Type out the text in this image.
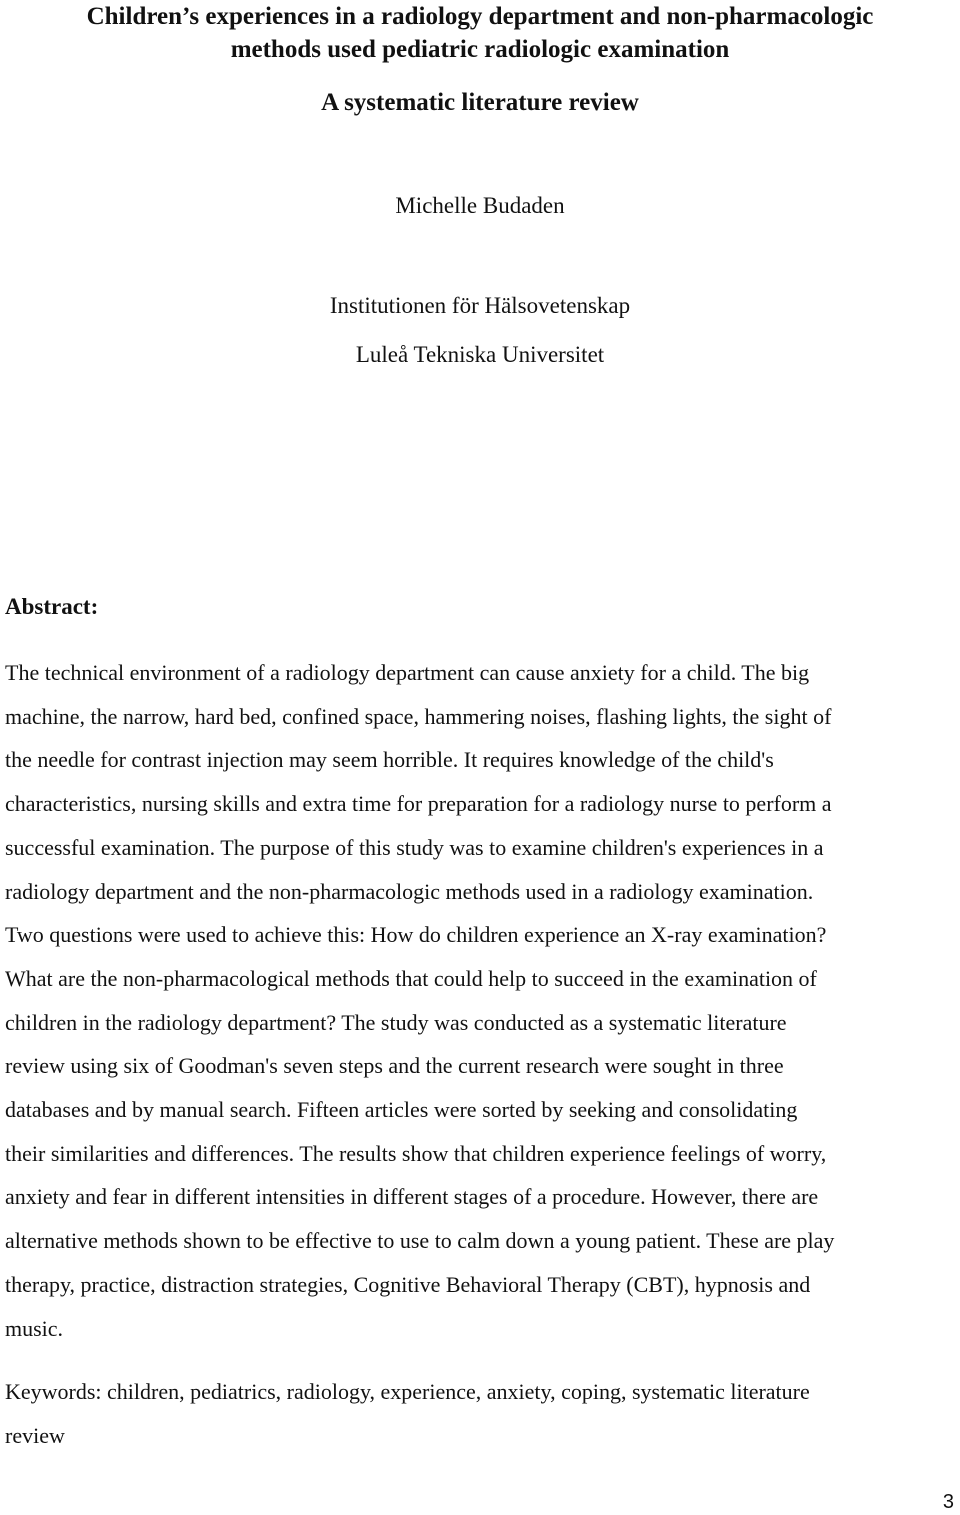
Children’s experiences in a radiology department and non-pharmacologic
methods used pediatric radiologic examination
A systematic literature review
Michelle Budaden
Institutionen för Hälsovetenskap
Luleå Tekniska Universitet
Abstract:

The technical environment of a radiology department can cause anxiety for a child. The big
machine, the narrow, hard bed, confined space, hammering noises, flashing lights, the sight of
the needle for contrast injection may seem horrible. It requires knowledge of the child's
characteristics, nursing skills and extra time for preparation for a radiology nurse to perform a
successful examination. The purpose of this study was to examine children's experiences in a
radiology department and the non-pharmacologic methods used in a radiology examination.
Two questions were used to achieve this: How do children experience an X-ray examination?
What are the non-pharmacological methods that could help to succeed in the examination of
children in the radiology department? The study was conducted as a systematic literature
review using six of Goodman's seven steps and the current research were sought in three
databases and by manual search. Fifteen articles were sorted by seeking and consolidating
their similarities and differences. The results show that children experience feelings of worry,
anxiety and fear in different intensities in different stages of a procedure. However, there are
alternative methods shown to be effective to use to calm down a young patient. These are play
therapy, practice, distraction strategies, Cognitive Behavioral Therapy (CBT), hypnosis and
music.

Keywords: children, pediatrics, radiology, experience, anxiety, coping, systematic literature
review

3
